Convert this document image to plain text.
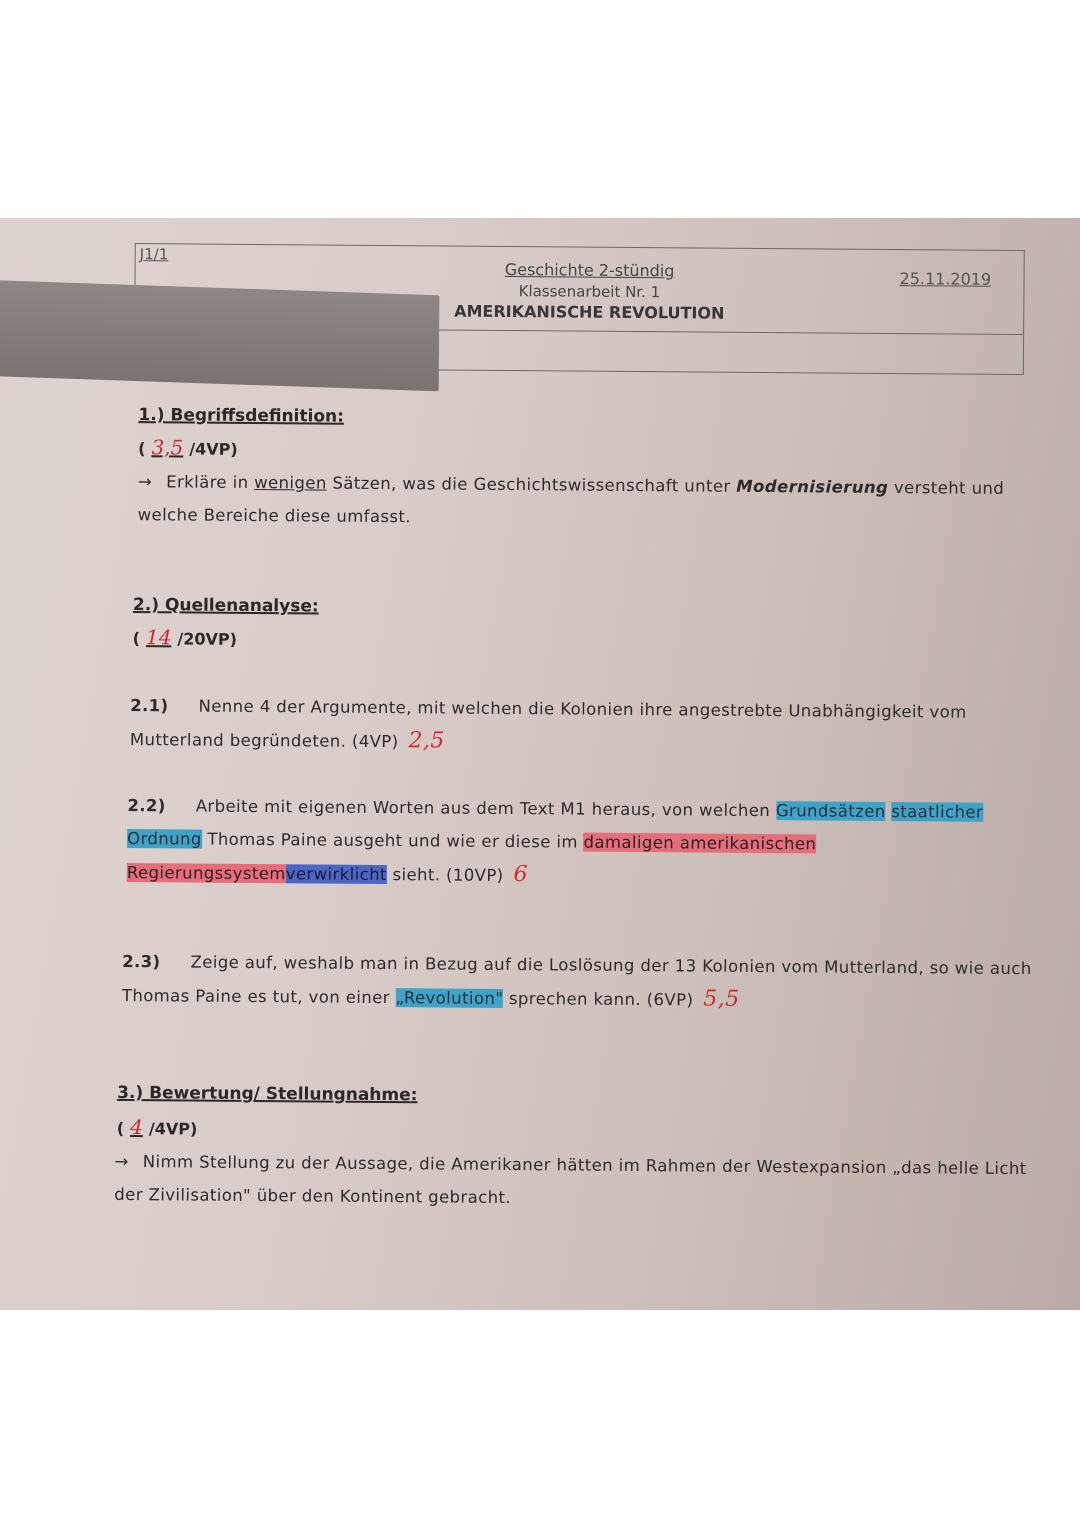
J1/1
Geschichte 2-stündig
Klassenarbeit Nr. 1
AMERIKANISCHE REVOLUTION
25.11.2019
1.) Begriffsdefinition:
( 3,5 /4VP)
→ Erkläre in wenigen Sätzen, was die Geschichtswissenschaft unter Modernisierung versteht und welche Bereiche diese umfasst.
2.) Quellenanalyse:
( 14 /20VP)
2.1) Nenne 4 der Argumente, mit welchen die Kolonien ihre angestrebte Unabhängigkeit vom Mutterland begründeten. (4VP) 2,5
2.2) Arbeite mit eigenen Worten aus dem Text M1 heraus, von welchen Grundsätzen staatlicher Ordnung Thomas Paine ausgeht und wie er diese im damaligen amerikanischen Regierungssystemverwirklicht sieht. (10VP) 6
2.3) Zeige auf, weshalb man in Bezug auf die Loslösung der 13 Kolonien vom Mutterland, so wie auch Thomas Paine es tut, von einer „Revolution" sprechen kann. (6VP) 5,5
3.) Bewertung/ Stellungnahme:
( 4 /4VP)
→ Nimm Stellung zu der Aussage, die Amerikaner hätten im Rahmen der Westexpansion „das helle Licht der Zivilisation" über den Kontinent gebracht.
